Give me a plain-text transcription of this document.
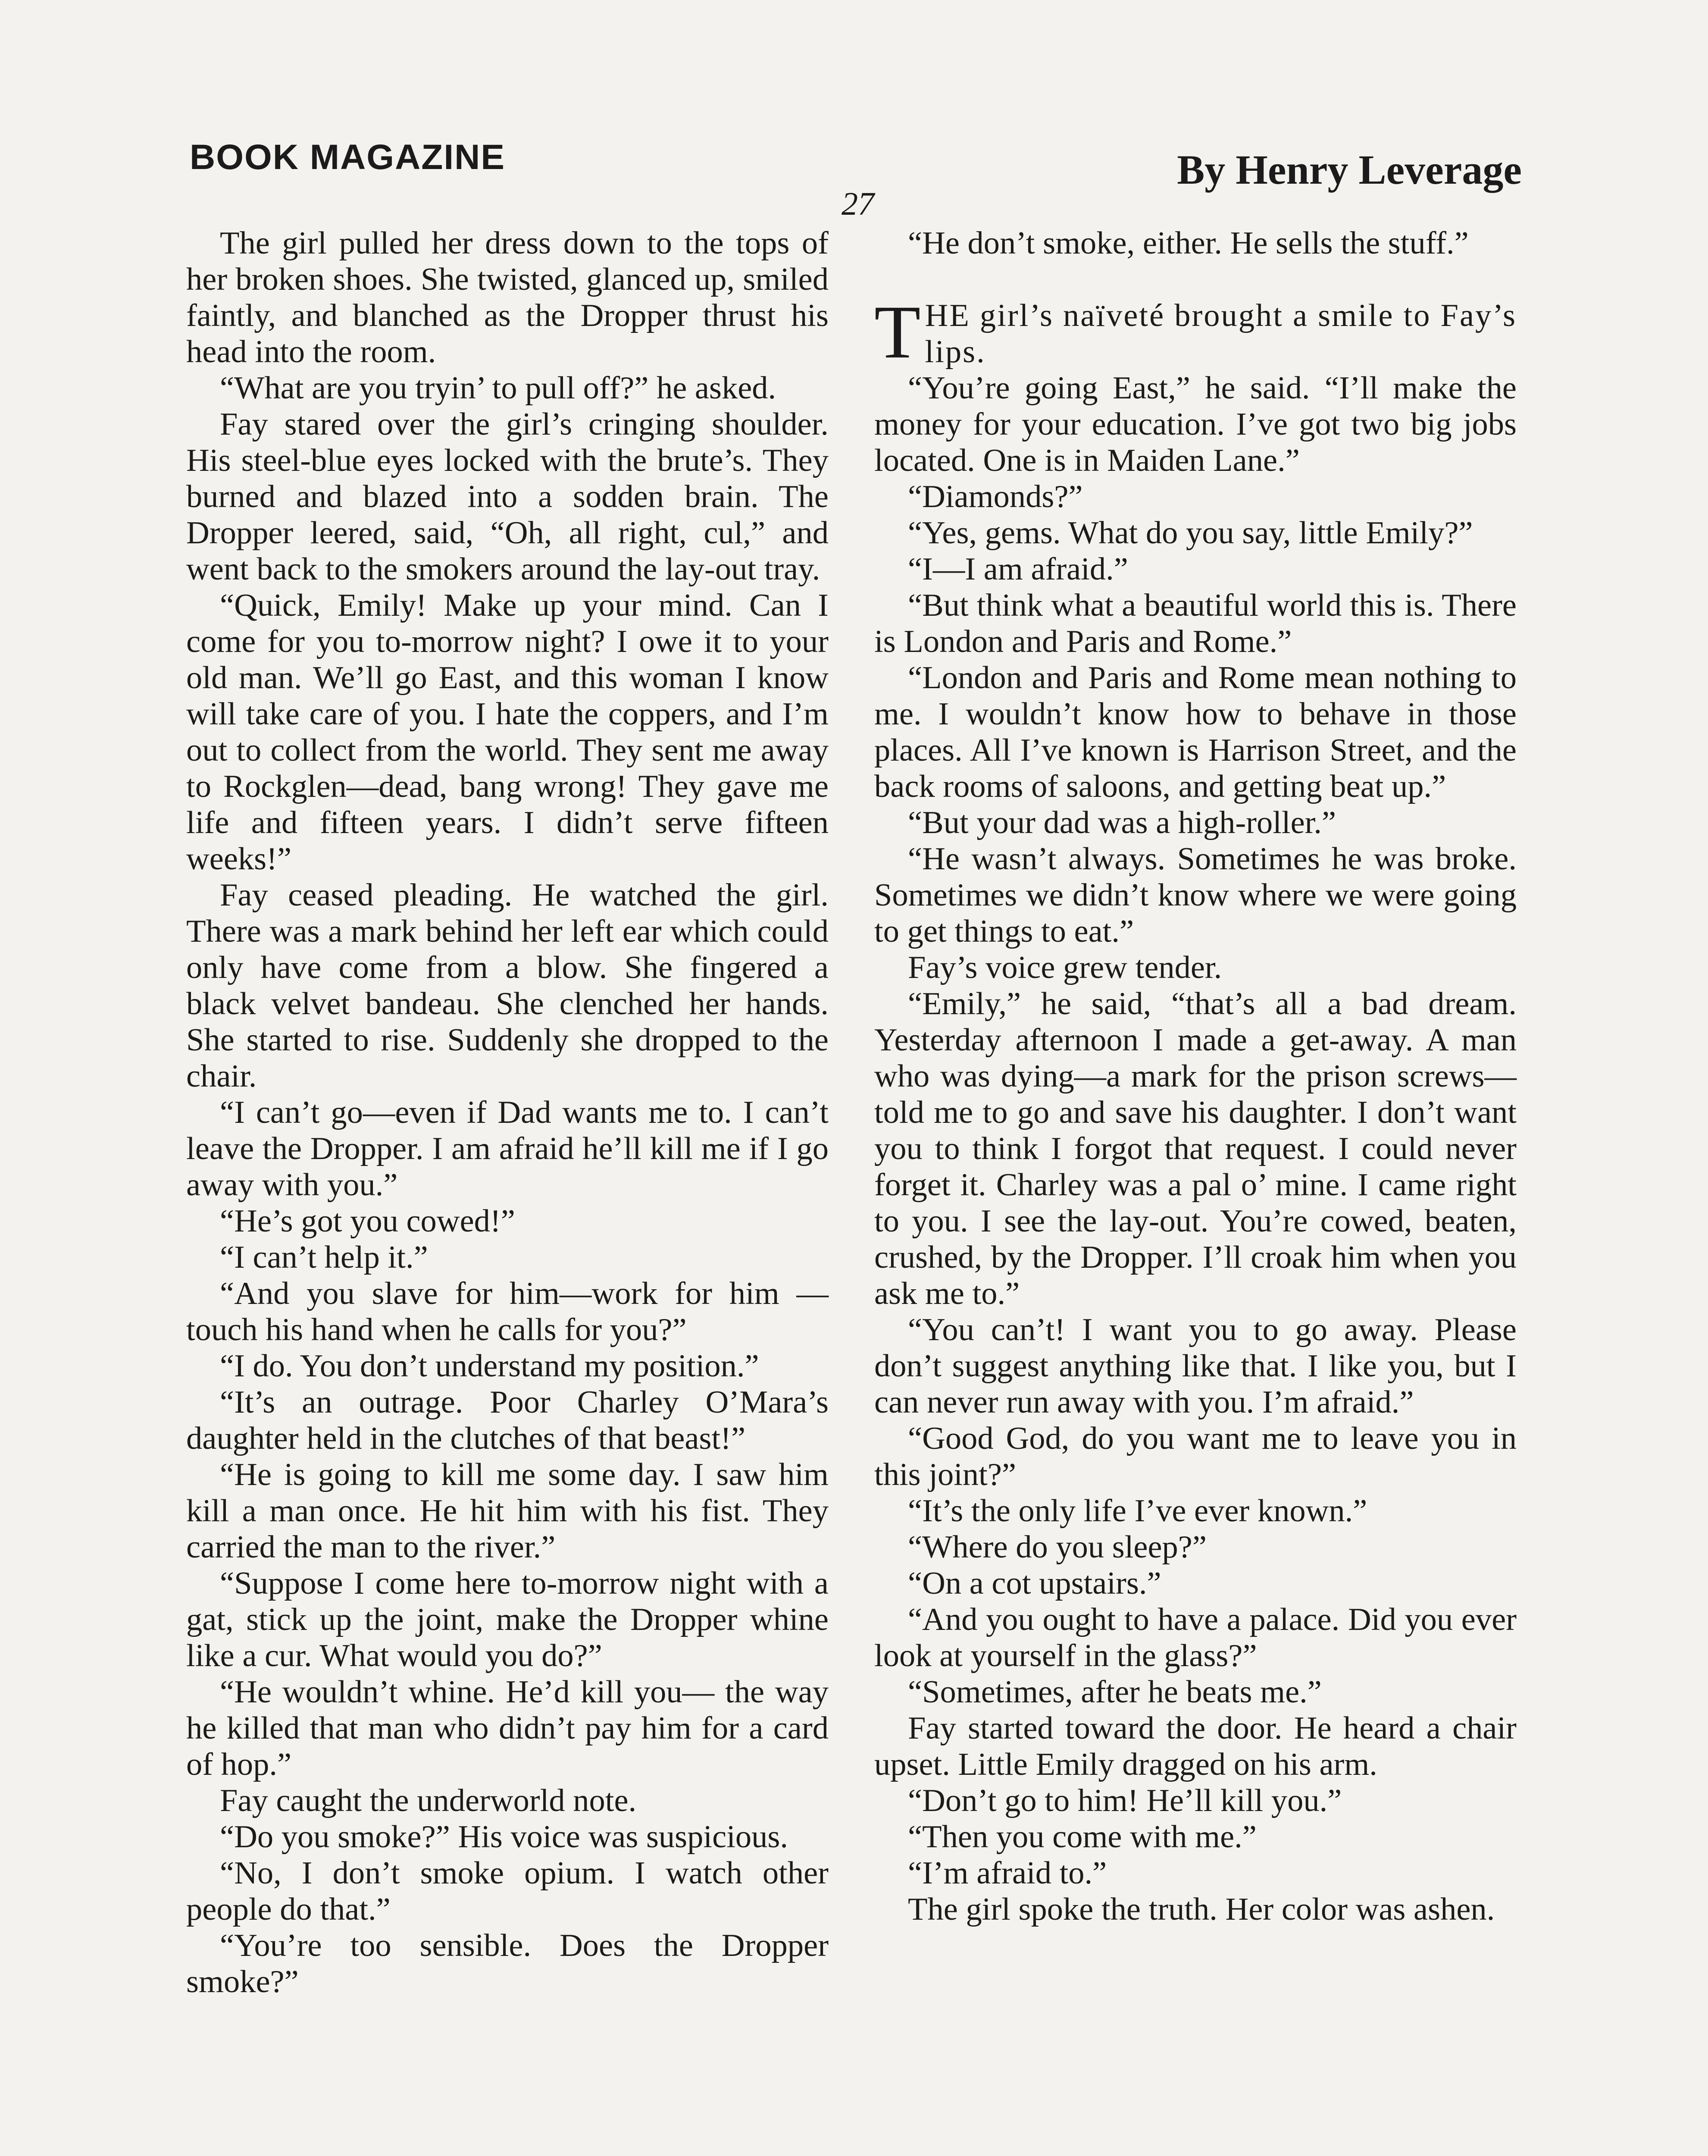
BOOK MAGAZINE	By Henry Leverage
27

The girl pulled her dress down to the tops of her broken shoes. She twisted, glanced up, smiled faintly, and blanched as the Dropper thrust his head into the room.

“What are you tryin’ to pull off?” he asked.

Fay stared over the girl’s cringing shoulder. His steel-blue eyes locked with the brute’s. They burned and blazed into a sodden brain. The Dropper leered, said, “Oh, all right, cul,” and went back to the smokers around the lay-out tray.

“Quick, Emily! Make up your mind. Can I come for you to-morrow night? I owe it to your old man. We’ll go East, and this woman I know will take care of you. I hate the coppers, and I’m out to collect from the world. They sent me away to Rockglen—dead, bang wrong! They gave me life and fifteen years. I didn’t serve fifteen weeks!”

Fay ceased pleading. He watched the girl. There was a mark behind her left ear which could only have come from a blow. She fingered a black velvet bandeau. She clenched her hands. She started to rise. Suddenly she dropped to the chair.

“I can’t go—even if Dad wants me to. I can’t leave the Dropper. I am afraid he’ll kill me if I go away with you.”

“He’s got you cowed!”

“I can’t help it.”

“And you slave for him—work for him —touch his hand when he calls for you?”

“I do. You don’t understand my position.”

“It’s an outrage. Poor Charley O’Mara’s daughter held in the clutches of that beast!”

“He is going to kill me some day. I saw him kill a man once. He hit him with his fist. They carried the man to the river.”

“Suppose I come here to-morrow night with a gat, stick up the joint, make the Dropper whine like a cur. What would you do?”

“He wouldn’t whine. He’d kill you— the way he killed that man who didn’t pay him for a card of hop.”

Fay caught the underworld note.

“Do you smoke?” His voice was suspicious.

“No, I don’t smoke opium. I watch other people do that.”

“You’re too sensible. Does the Dropper smoke?”

“He don’t smoke, either. He sells the stuff.”

THE girl’s naïveté brought a smile to Fay’s lips.

“You’re going East,” he said. “I’ll make the money for your education. I’ve got two big jobs located. One is in Maiden Lane.”

“Diamonds?”

“Yes, gems. What do you say, little Emily?”

“I—I am afraid.”

“But think what a beautiful world this is. There is London and Paris and Rome.”

“London and Paris and Rome mean nothing to me. I wouldn’t know how to behave in those places. All I’ve known is Harrison Street, and the back rooms of saloons, and getting beat up.”

“But your dad was a high-roller.”

“He wasn’t always. Sometimes he was broke. Sometimes we didn’t know where we were going to get things to eat.”

Fay’s voice grew tender.

“Emily,” he said, “that’s all a bad dream. Yesterday afternoon I made a get-away. A man who was dying—a mark for the prison screws—told me to go and save his daughter. I don’t want you to think I forgot that request. I could never forget it. Charley was a pal o’ mine. I came right to you. I see the lay-out. You’re cowed, beaten, crushed, by the Dropper. I’ll croak him when you ask me to.”

“You can’t! I want you to go away. Please don’t suggest anything like that. I like you, but I can never run away with you. I’m afraid.”

“Good God, do you want me to leave you in this joint?”

“It’s the only life I’ve ever known.”

“Where do you sleep?”

“On a cot upstairs.”

“And you ought to have a palace. Did you ever look at yourself in the glass?”

“Sometimes, after he beats me.”

Fay started toward the door. He heard a chair upset. Little Emily dragged on his arm.

“Don’t go to him! He’ll kill you.”

“Then you come with me.”

“I’m afraid to.”

The girl spoke the truth. Her color was ashen.
